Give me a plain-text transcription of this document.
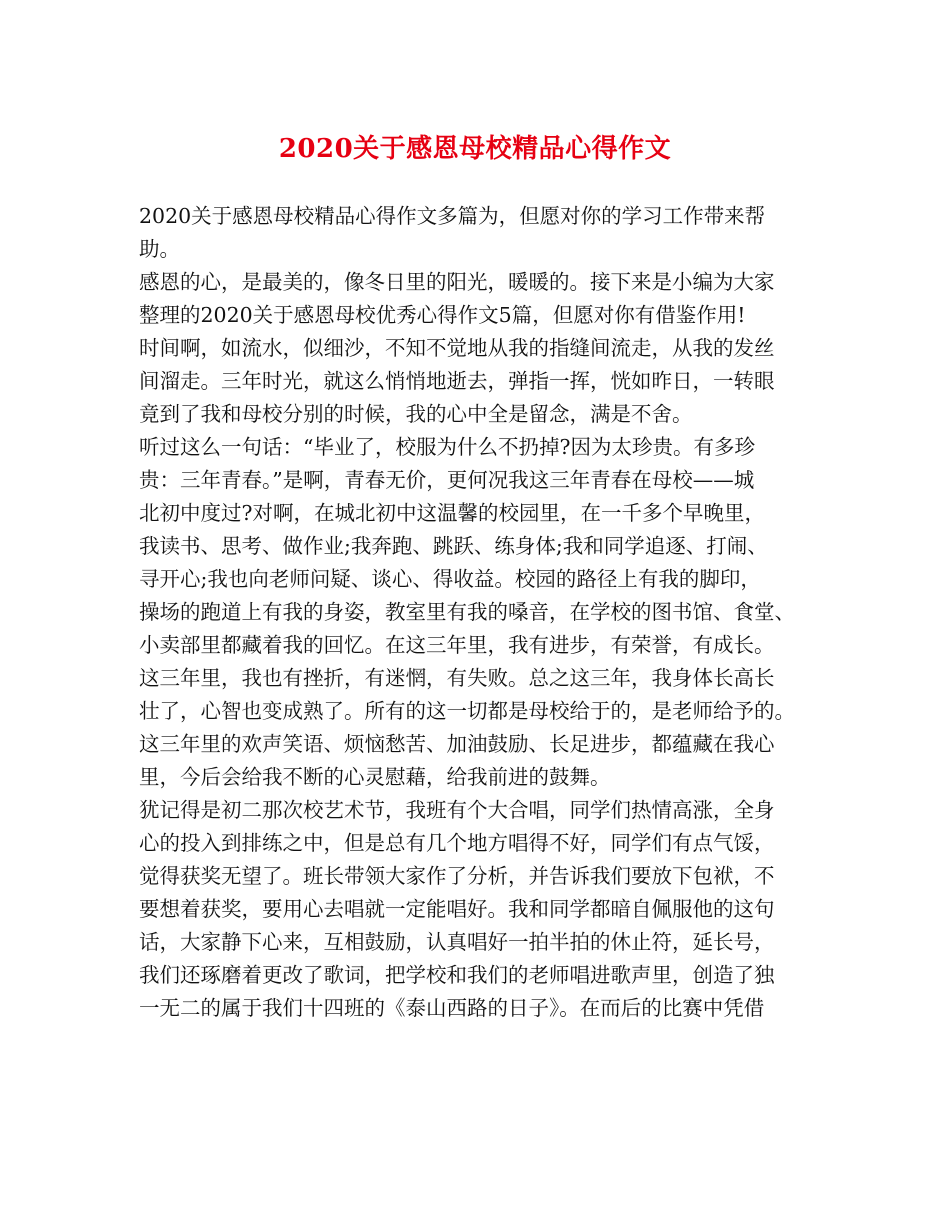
2020关于感恩母校精品心得作文

2020关于感恩母校精品心得作文多篇为，但愿对你的学习工作带来帮

助。

感恩的心，是最美的，像冬日里的阳光，暖暖的。接下来是小编为大家

整理的2020关于感恩母校优秀心得作文5篇，但愿对你有借鉴作用!

时间啊，如流水，似细沙，不知不觉地从我的指缝间流走，从我的发丝

间溜走。三年时光，就这么悄悄地逝去，弹指一挥，恍如昨日，一转眼

竟到了我和母校分别的时候，我的心中全是留念，满是不舍。

听过这么一句话：“毕业了，校服为什么不扔掉?因为太珍贵。有多珍

贵：三年青春。”是啊，青春无价，更何况我这三年青春在母校——城

北初中度过?对啊，在城北初中这温馨的校园里，在一千多个早晚里，

我读书、思考、做作业;我奔跑、跳跃、练身体;我和同学追逐、打闹、

寻开心;我也向老师问疑、谈心、得收益。校园的路径上有我的脚印，

操场的跑道上有我的身姿，教室里有我的嗓音，在学校的图书馆、食堂、

小卖部里都藏着我的回忆。在这三年里，我有进步，有荣誉，有成长。

这三年里，我也有挫折，有迷惘，有失败。总之这三年，我身体长高长

壮了，心智也变成熟了。所有的这一切都是母校给于的，是老师给予的。

这三年里的欢声笑语、烦恼愁苦、加油鼓励、长足进步，都蕴藏在我心

里，今后会给我不断的心灵慰藉，给我前进的鼓舞。

犹记得是初二那次校艺术节，我班有个大合唱，同学们热情高涨，全身

心的投入到排练之中，但是总有几个地方唱得不好，同学们有点气馁，

觉得获奖无望了。班长带领大家作了分析，并告诉我们要放下包袱，不

要想着获奖，要用心去唱就一定能唱好。我和同学都暗自佩服他的这句

话，大家静下心来，互相鼓励，认真唱好一拍半拍的休止符，延长号，

我们还琢磨着更改了歌词，把学校和我们的老师唱进歌声里，创造了独

一无二的属于我们十四班的《泰山西路的日子》。在而后的比赛中凭借
